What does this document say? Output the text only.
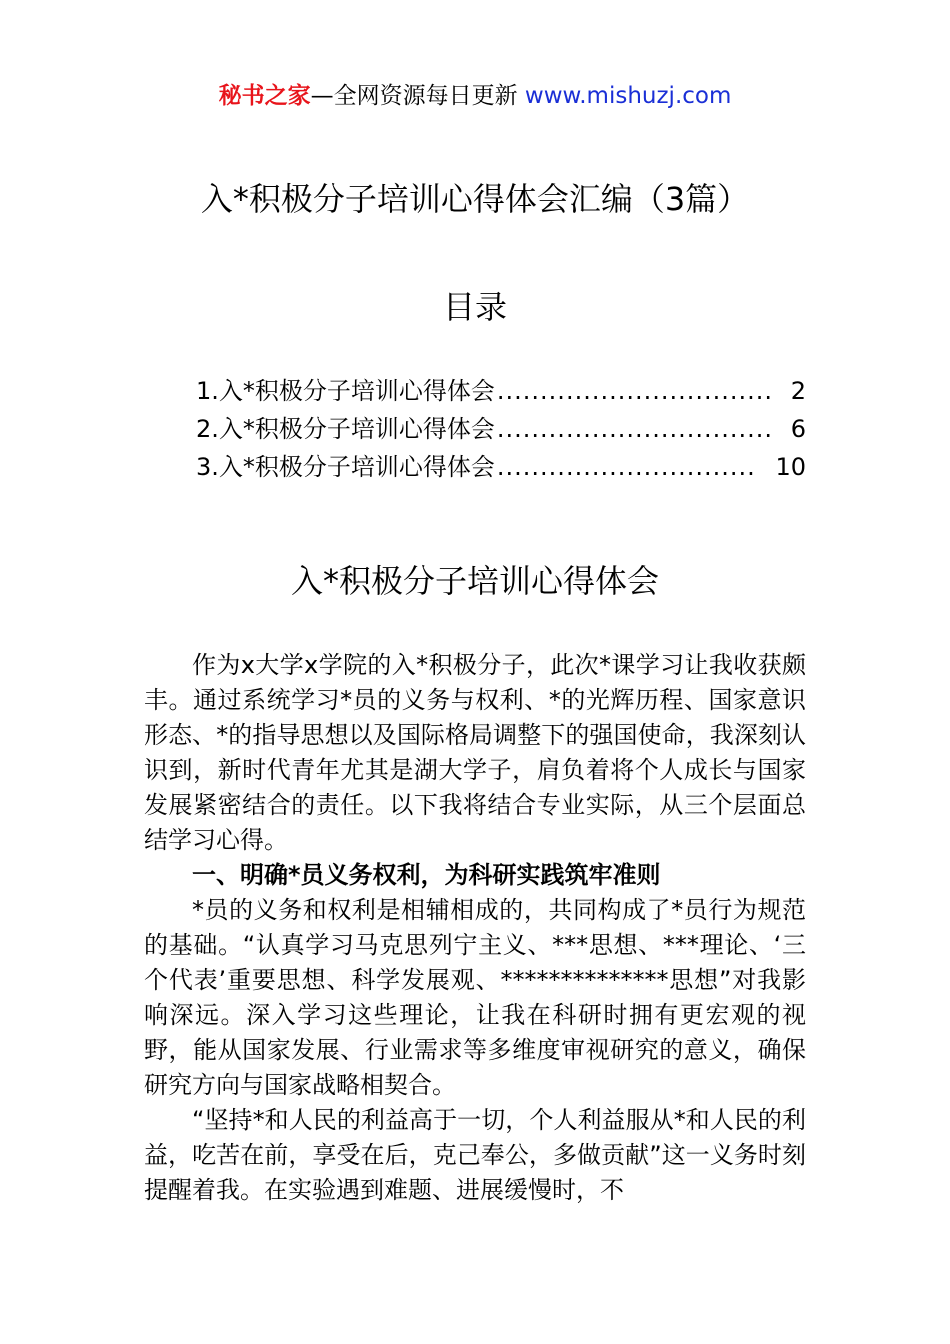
秘书之家—全网资源每日更新 www.mishuzj.com
入*积极分子培训心得体会汇编（3篇）
目录
1.入*积极分子培训心得体会 ................................ 2
2.入*积极分子培训心得体会 ................................ 6
3.入*积极分子培训心得体会 .............................. 10
入*积极分子培训心得体会

作为x大学x学院的入*积极分子，此次*课学习让我收获颇丰。通过系统学习*员的义务与权利、*的光辉历程、国家意识形态、*的指导思想以及国际格局调整下的强国使命，我深刻认识到，新时代青年尤其是湖大学子，肩负着将个人成长与国家发展紧密结合的责任。以下我将结合专业实际，从三个层面总结学习心得。

一、明确*员义务权利，为科研实践筑牢准则

*员的义务和权利是相辅相成的，共同构成了*员行为规范的基础。“认真学习马克思列宁主义、***思想、***理论、‘三个代表’重要思想、科学发展观、**************思想”对我影响深远。深入学习这些理论，让我在科研时拥有更宏观的视野，能从国家发展、行业需求等多维度审视研究的意义，确保研究方向与国家战略相契合。

“坚持*和人民的利益高于一切，个人利益服从*和人民的利益，吃苦在前，享受在后，克己奉公，多做贡献”这一义务时刻提醒着我。在实验遇到难题、进展缓慢时，不
